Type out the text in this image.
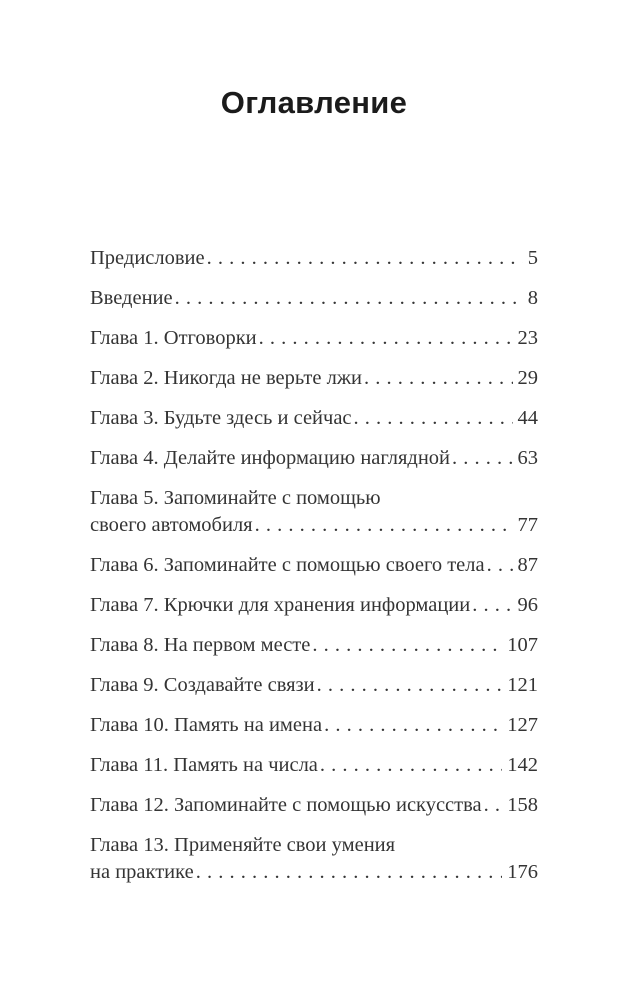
Оглавление
Предисловие . . .	5
Введение . . .	8
Глава 1. Отговорки . . .	23
Глава 2. Никогда не верьте лжи . . .	29
Глава 3. Будьте здесь и сейчас . . .	44
Глава 4. Делайте информацию наглядной . . .	63
Глава 5. Запоминайте с помощью
своего автомобиля . . .	77
Глава 6. Запоминайте с помощью своего тела . . . 87
Глава 7. Крючки для хранения информации . . . 96
Глава 8. На первом месте . . .	107
Глава 9. Создавайте связи . . .	121
Глава 10. Память на имена . . .	127
Глава 11. Память на числа . . .	142
Глава 12. Запоминайте с помощью искусства . . . 158
Глава 13. Применяйте свои умения
на практике . . .	176
